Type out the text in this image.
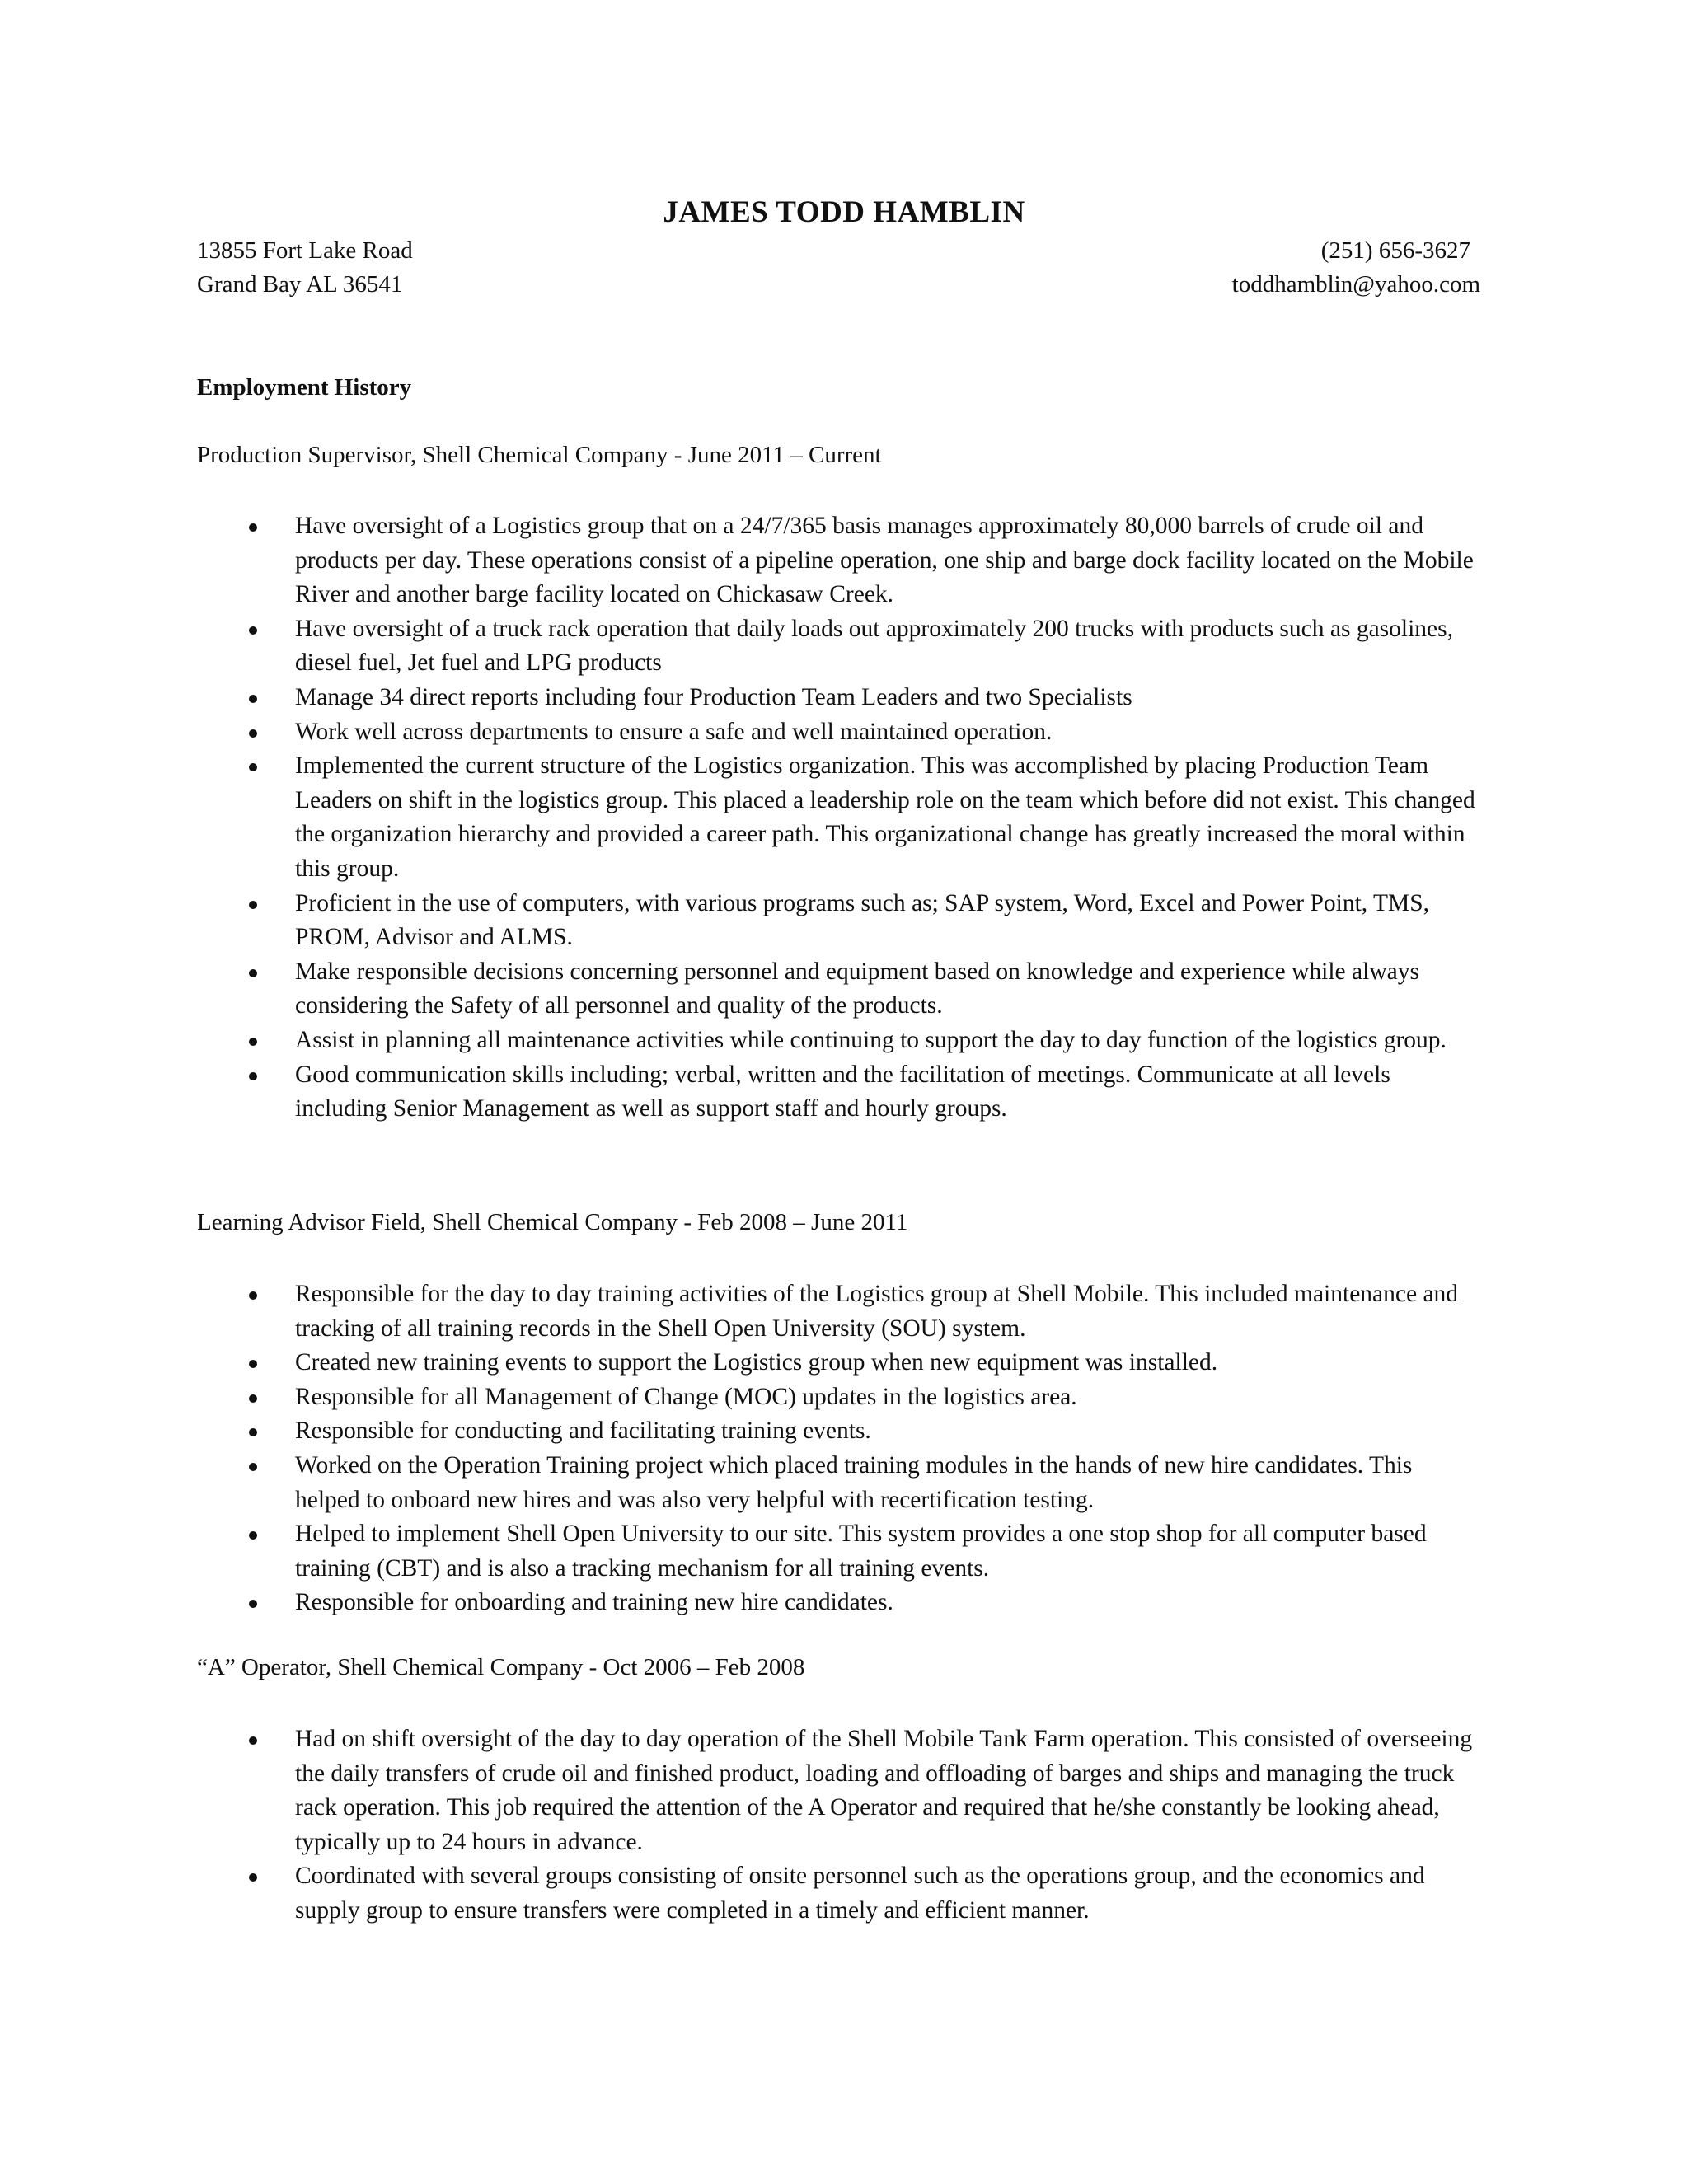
JAMES TODD HAMBLIN
13855 Fort Lake Road	(251) 656-3627
Grand Bay AL 36541	toddhamblin@yahoo.com
Employment History
Production Supervisor, Shell Chemical Company - June 2011 – Current
Have oversight of a Logistics group that on a 24/7/365 basis manages approximately 80,000 barrels of crude oil and products per day. These operations consist of a pipeline operation, one ship and barge dock facility located on the Mobile River and another barge facility located on Chickasaw Creek.
Have oversight of a truck rack operation that daily loads out approximately 200 trucks with products such as gasolines, diesel fuel, Jet fuel and LPG products
Manage 34 direct reports including four Production Team Leaders and two Specialists
Work well across departments to ensure a safe and well maintained operation.
Implemented the current structure of the Logistics organization. This was accomplished by placing Production Team Leaders on shift in the logistics group. This placed a leadership role on the team which before did not exist. This changed the organization hierarchy and provided a career path. This organizational change has greatly increased the moral within this group.
Proficient in the use of computers, with various programs such as; SAP system, Word, Excel and Power Point, TMS, PROM, Advisor and ALMS.
Make responsible decisions concerning personnel and equipment based on knowledge and experience while always considering the Safety of all personnel and quality of the products.
Assist in planning all maintenance activities while continuing to support the day to day function of the logistics group.
Good communication skills including; verbal, written and the facilitation of meetings. Communicate at all levels including Senior Management as well as support staff and hourly groups.
Learning Advisor Field, Shell Chemical Company - Feb 2008 – June 2011
Responsible for the day to day training activities of the Logistics group at Shell Mobile. This included maintenance and tracking of all training records in the Shell Open University (SOU) system.
Created new training events to support the Logistics group when new equipment was installed.
Responsible for all Management of Change (MOC) updates in the logistics area.
Responsible for conducting and facilitating training events.
Worked on the Operation Training project which placed training modules in the hands of new hire candidates. This helped to onboard new hires and was also very helpful with recertification testing.
Helped to implement Shell Open University to our site. This system provides a one stop shop for all computer based training (CBT) and is also a tracking mechanism for all training events.
Responsible for onboarding and training new hire candidates.
“A” Operator, Shell Chemical Company - Oct 2006 – Feb 2008
Had on shift oversight of the day to day operation of the Shell Mobile Tank Farm operation. This consisted of overseeing the daily transfers of crude oil and finished product, loading and offloading of barges and ships and managing the truck rack operation. This job required the attention of the A Operator and required that he/she constantly be looking ahead, typically up to 24 hours in advance.
Coordinated with several groups consisting of onsite personnel such as the operations group, and the economics and supply group to ensure transfers were completed in a timely and efficient manner.
